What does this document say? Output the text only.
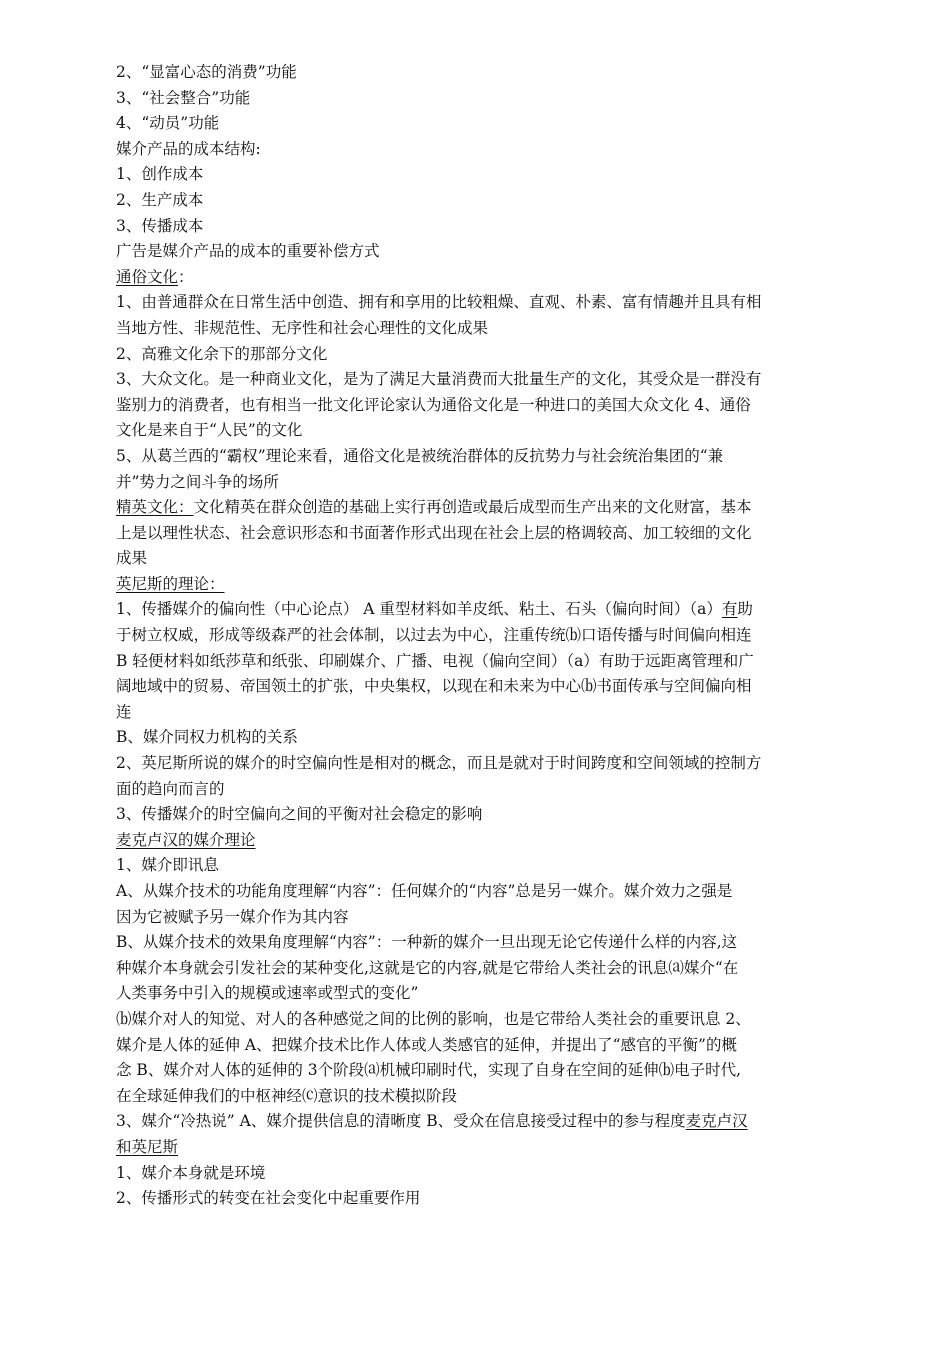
2、“显富心态的消费”功能
3、“社会整合”功能
4、“动员”功能
媒介产品的成本结构:
1、创作成本
2、生产成本
3、传播成本
广告是媒介产品的成本的重要补偿方式
通俗文化：
1、由普通群众在日常生活中创造、拥有和享用的比较粗燥、直观、朴素、富有情趣并且具有相
当地方性、非规范性、无序性和社会心理性的文化成果
2、高雅文化余下的那部分文化
3、大众文化。是一种商业文化，是为了满足大量消费而大批量生产的文化，其受众是一群没有
鉴别力的消费者，也有相当一批文化评论家认为通俗文化是一种进口的美国大众文化 4、通俗
文化是来自于“人民”的文化
5、从葛兰西的“霸权”理论来看，通俗文化是被统治群体的反抗势力与社会统治集团的“兼
并”势力之间斗争的场所
精英文化：文化精英在群众创造的基础上实行再创造或最后成型而生产出来的文化财富，基本
上是以理性状态、社会意识形态和书面著作形式出现在社会上层的格调较高、加工较细的文化
成果
英尼斯的理论：
1、传播媒介的偏向性（中心论点） A 重型材料如羊皮纸、粘土、石头（偏向时间）（a）有助
于树立权威，形成等级森严的社会体制，以过去为中心，注重传统⒝口语传播与时间偏向相连
B 轻便材料如纸莎草和纸张、印刷媒介、广播、电视（偏向空间）（a）有助于远距离管理和广
阔地域中的贸易、帝国领土的扩张，中央集权，以现在和未来为中心⒝书面传承与空间偏向相
连
B、媒介同权力机构的关系
2、英尼斯所说的媒介的时空偏向性是相对的概念，而且是就对于时间跨度和空间领域的控制方
面的趋向而言的
3、传播媒介的时空偏向之间的平衡对社会稳定的影响
麦克卢汉的媒介理论
1、媒介即讯息
A、从媒介技术的功能角度理解“内容”：任何媒介的“内容”总是另一媒介。媒介效力之强是
因为它被赋予另一媒介作为其内容
B、从媒介技术的效果角度理解“内容”：一种新的媒介一旦出现无论它传递什么样的内容,这
种媒介本身就会引发社会的某种变化,这就是它的内容,就是它带给人类社会的讯息⒜媒介“在
人类事务中引入的规模或速率或型式的变化”
⒝媒介对人的知觉、对人的各种感觉之间的比例的影响，也是它带给人类社会的重要讯息 2、
媒介是人体的延伸 A、把媒介技术比作人体或人类感官的延伸，并提出了“感官的平衡”的概
念 B、媒介对人体的延伸的 3个阶段⒜机械印刷时代，实现了自身在空间的延伸⒝电子时代,
在全球延伸我们的中枢神经⒞意识的技术模拟阶段
3、媒介“冷热说” A、媒介提供信息的清晰度 B、受众在信息接受过程中的参与程度麦克卢汉
和英尼斯
1、媒介本身就是环境
2、传播形式的转变在社会变化中起重要作用
